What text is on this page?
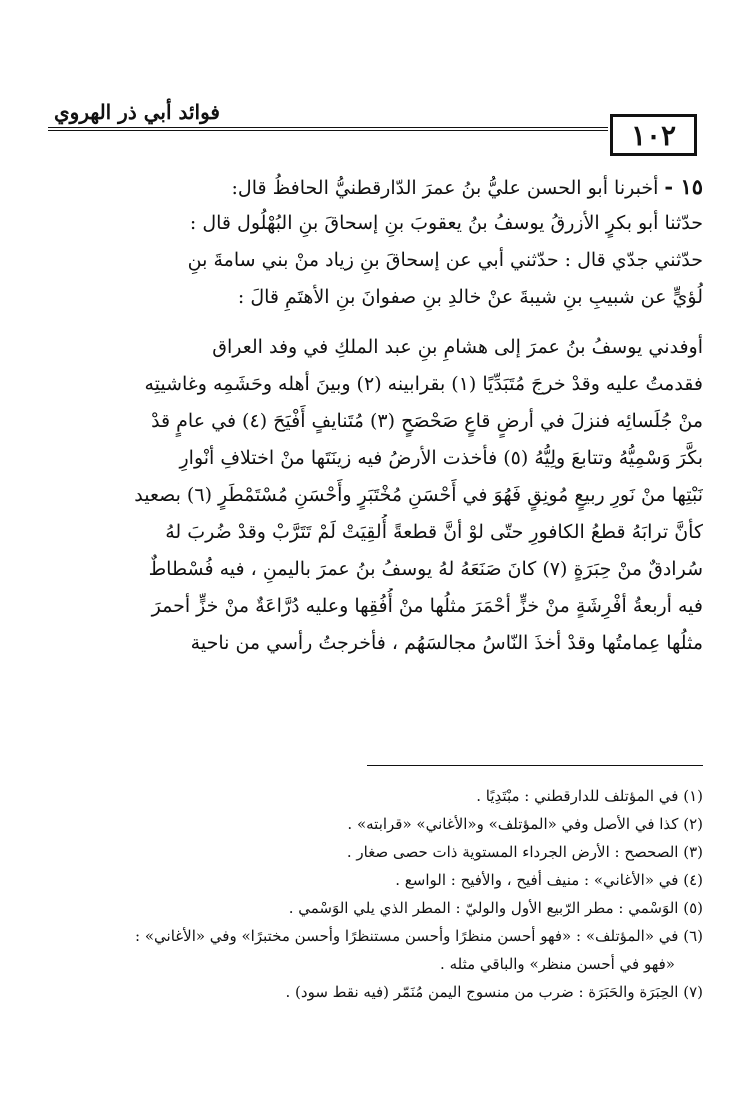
فوائد أبي ذر الهروي
١٠٢
١٥ - أخبرنا أبو الحسن عليُّ بنُ عمرَ الدّارقطنيُّ الحافظُ قال:
حدّثنا أبو بكرٍ الأزرقُ يوسفُ بنُ يعقوبَ بنِ إسحاقَ بنِ البُهْلُول قال :
حدّثني جدّي قال : حدّثني أبي عن إسحاقَ بنِ زياد منْ بني سامةَ بنِ
لُؤيٍّ عن شبيبِ بنِ شيبةَ عنْ خالدِ بنِ صفوانَ بنِ الأهتَمِ قالَ :
أوفدني يوسفُ بنُ عمرَ إلى هشامِ بنِ عبد الملكِ في وفد العراق
فقدمتُ عليه وقدْ خرجَ مُتَبَدِّيًا (١) بقرابينه (٢) وبينَ أهله وحَشَمِه وغاشيتِه
منْ جُلَسائِه فنزلَ في أرضٍ قاعٍ صَحْصَحٍ (٣) مُتَنايفٍ أَفْيَحَ (٤) في عامٍ قدْ
بكَّرَ وَسْمِيُّهُ وتتابعَ ولِيُّهُ (٥) فأخذت الأرضُ فيه زينَتَها منْ اختلافِ أنْوارِ
نَبْتِها منْ نَورِ ربيعٍ مُونِقٍ فَهُوَ في أَحْسَنِ مُخْتَبَرٍ وأَحْسَنِ مُسْتَمْطَرٍ (٦) بصعيد
كأنَّ ترابَهُ قطعُ الكافورِ حتّى لوْ أنَّ قطعةً أُلقِيَتْ لَمْ تَتَرَّبْ وقدْ ضُربَ لهُ
سُرادقٌ منْ حِبَرَةٍ (٧) كانَ صَنَعَهُ لهُ يوسفُ بنُ عمرَ باليمنِ ، فيه فُسْطاطٌ
فيه أربعةُ أفْرِشَةٍ منْ خزٍّ أحْمَرَ مثلُها منْ أُفُقِها وعليه دُرَّاعَةٌ منْ خزٍّ أحمرَ
مثلُها عِمامتُها وقدْ أخذَ النّاسُ مجالسَهُم ، فأخرجتُ رأسي من ناحية
(١) في المؤتلف للدارقطني : مبْتَدِيًا .
(٢) كذا في الأصل وفي «المؤتلف» و«الأغاني» «قرابته» .
(٣) الصحصح : الأرض الجرداء المستوية ذات حصى صغار .
(٤) في «الأغاني» : منيف أفيح ، والأفيح : الواسع .
(٥) الوَسْمي : مطر الرّبيع الأول والوليّ : المطر الذي يلي الوَسْمي .
(٦) في «المؤتلف» : «فهو أحسن منظرًا وأحسن مستنظرًا وأحسن مختبرًا» وفي «الأغاني» :
«فهو في أحسن منظر» والباقي مثله .
(٧) الحِبَرَة والحَبَرَة : ضرب من منسوج اليمن مُنَمّر (فيه نقط سود) .
